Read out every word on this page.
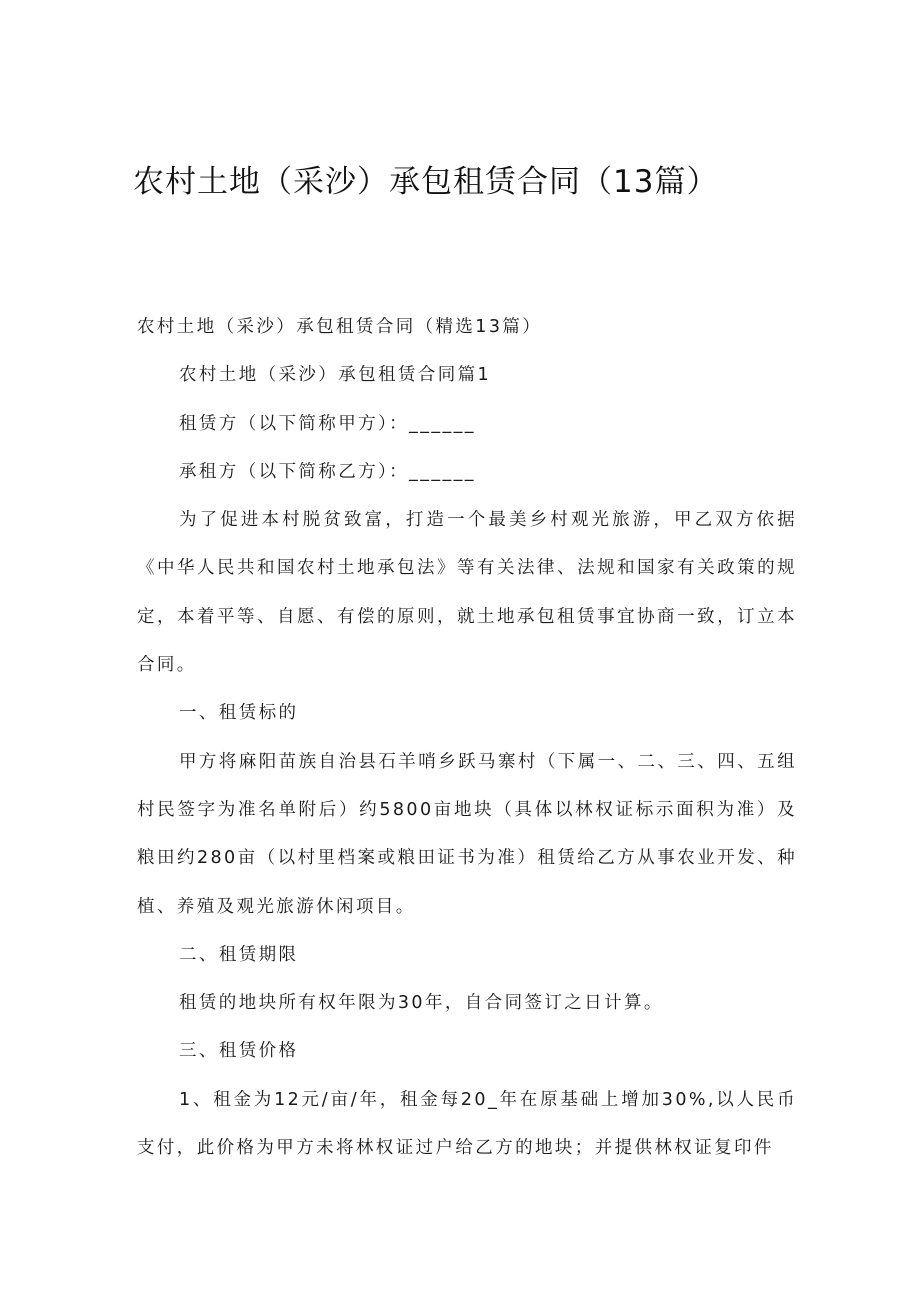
农村土地（采沙）承包租赁合同（13篇）

农村土地（采沙）承包租赁合同（精选13篇）

农村土地（采沙）承包租赁合同篇1

租赁方（以下简称甲方）：______

承租方（以下简称乙方）：______

为了促进本村脱贫致富，打造一个最美乡村观光旅游，甲乙双方依据《中华人民共和国农村土地承包法》等有关法律、法规和国家有关政策的规定，本着平等、自愿、有偿的原则，就土地承包租赁事宜协商一致，订立本合同。

一、租赁标的

甲方将麻阳苗族自治县石羊哨乡跃马寨村（下属一、二、三、四、五组村民签字为准名单附后）约5800亩地块（具体以林权证标示面积为准）及粮田约280亩（以村里档案或粮田证书为准）租赁给乙方从事农业开发、种植、养殖及观光旅游休闲项目。

二、租赁期限

租赁的地块所有权年限为30年，自合同签订之日计算。

三、租赁价格

1、租金为12元/亩/年，租金每20_年在原基础上增加30%,以人民币支付，此价格为甲方未将林权证过户给乙方的地块；并提供林权证复印件
